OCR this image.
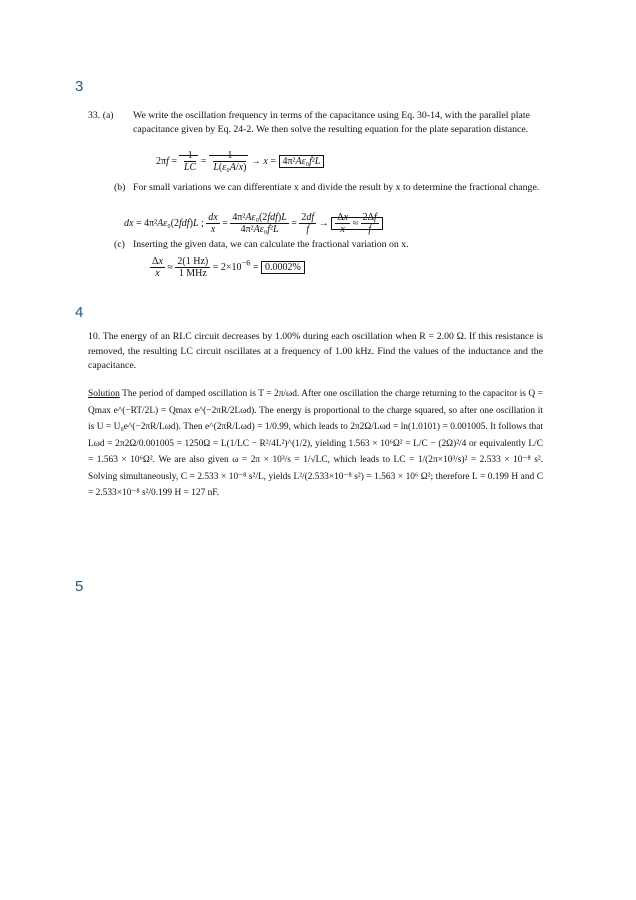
3
4
5
33. (a) We write the oscillation frequency in terms of the capacitance using Eq. 30-14, with the parallel plate capacitance given by Eq. 24-2. We then solve the resulting equation for the plate separation distance.
$2\pi f = \frac{1}{LC} = \frac{1}{\text{L(ε₀A/x)}} \to x = 4\pi^2A\varepsilon_0f^2L$
(b) For small variations we can differentiate x and divide the result by x to determine the fractional change.
dx = 4π²Aε₀(2fdf)L ; $\frac{dx}{x} = \frac{\text{4π²Aε₀(2fdf)L}}{\text{4π²Aε₀f²L}} = \frac{2df}{f} \to \frac{\Delta x}{x} \approx \frac{2\Delta f}{f}$
(c) Inserting the given data, we can calculate the fractional variation on x.
$\frac{\Delta x}{x} \approx \frac{2(1 Hz)}{\text{1 MHz}} = 2\times 10^{-6} = 0.0002\%$
10. The energy of an RLC circuit decreases by 1.00% during each oscillation when R = 2.00 Ω. If this resistance is removed, the resulting LC circuit oscillates at a frequency of 1.00 kHz. Find the values of the inductance and the capacitance.
Solution The period of damped oscillation is T = 2π/ωd. After one oscillation the charge returning to the capacitor is Q = Qmax e^(−RT/2L) = Qmax e^(−2πR/2Lωd). The energy is proportional to the charge squared, so after one oscillation it is U = U₀e^(−2πR/Lωd). Then e^(2πR/Lωd) = 1/0.99, which leads to 2π2Ω/Lωd = ln(1.0101) = 0.001005. It follows that Lωd = 2π2Ω/0.001005 = 1250Ω = L(1/LC − R²/4L²)^(1/2), yielding 1.563 × 10⁶Ω² = L/C − (2Ω)²/4 or equivalently L/C = 1.563 × 10⁶Ω². We are also given ω = 2π × 10³/s = 1/√LC, which leads to LC = 1/(2π×10³/s)² = 2.533 × 10⁻⁸ s². Solving simultaneously, C = 2.533 × 10⁻⁸ s²/L, yields L²/(2.533×10⁻⁸ s²) = 1.563 × 10⁶ Ω²; therefore L = 0.199 H and C = 2.533×10⁻⁸ s²/0.199 H = 127 nF.
